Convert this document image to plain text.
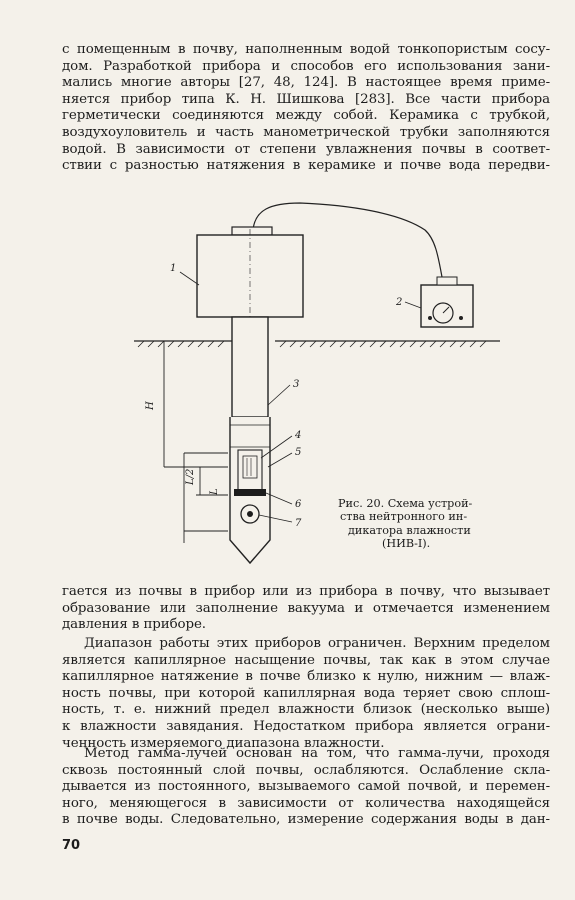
с помещенным в почву, наполненным водой тонкопористым сосу-
дом. Разработкой прибора и способов его использования зани-
мались многие авторы [27, 48, 124]. В настоящее время приме-
няется прибор типа К. Н. Шишкова [283]. Все части прибора
герметически соединяются между собой. Керамика с трубкой,
воздухоуловитель и часть манометрической трубки заполняются
водой. В зависимости от степени увлажнения почвы в соответ-
ствии с разностью натяжения в керамике и почве вода передви-
H
L/2
L
1
2
3
4
5
6
7
Рис. 20. Схема устрой-
ства нейтронного ин-
дикатора влажности
(НИВ-I).
гается из почвы в прибор или из прибора в почву, что вызывает
образование или заполнение вакуума и отмечается изменением
давления в приборе.
Диапазон работы этих приборов ограничен. Верхним пределом
является капиллярное насыщение почвы, так как в этом случае
капиллярное натяжение в почве близко к нулю, нижним — влаж-
ность почвы, при которой капиллярная вода теряет свою сплош-
ность, т. е. нижний предел влажности близок (несколько выше)
к влажности завядания. Недостатком прибора является ограни-
ченность измеряемого диапазона влажности.
Метод гамма-лучей основан на том, что гамма-лучи, проходя
сквозь постоянный слой почвы, ослабляются. Ослабление скла-
дывается из постоянного, вызываемого самой почвой, и перемен-
ного, меняющегося в зависимости от количества находящейся
в почве воды. Следовательно, измерение содержания воды в дан-
70
